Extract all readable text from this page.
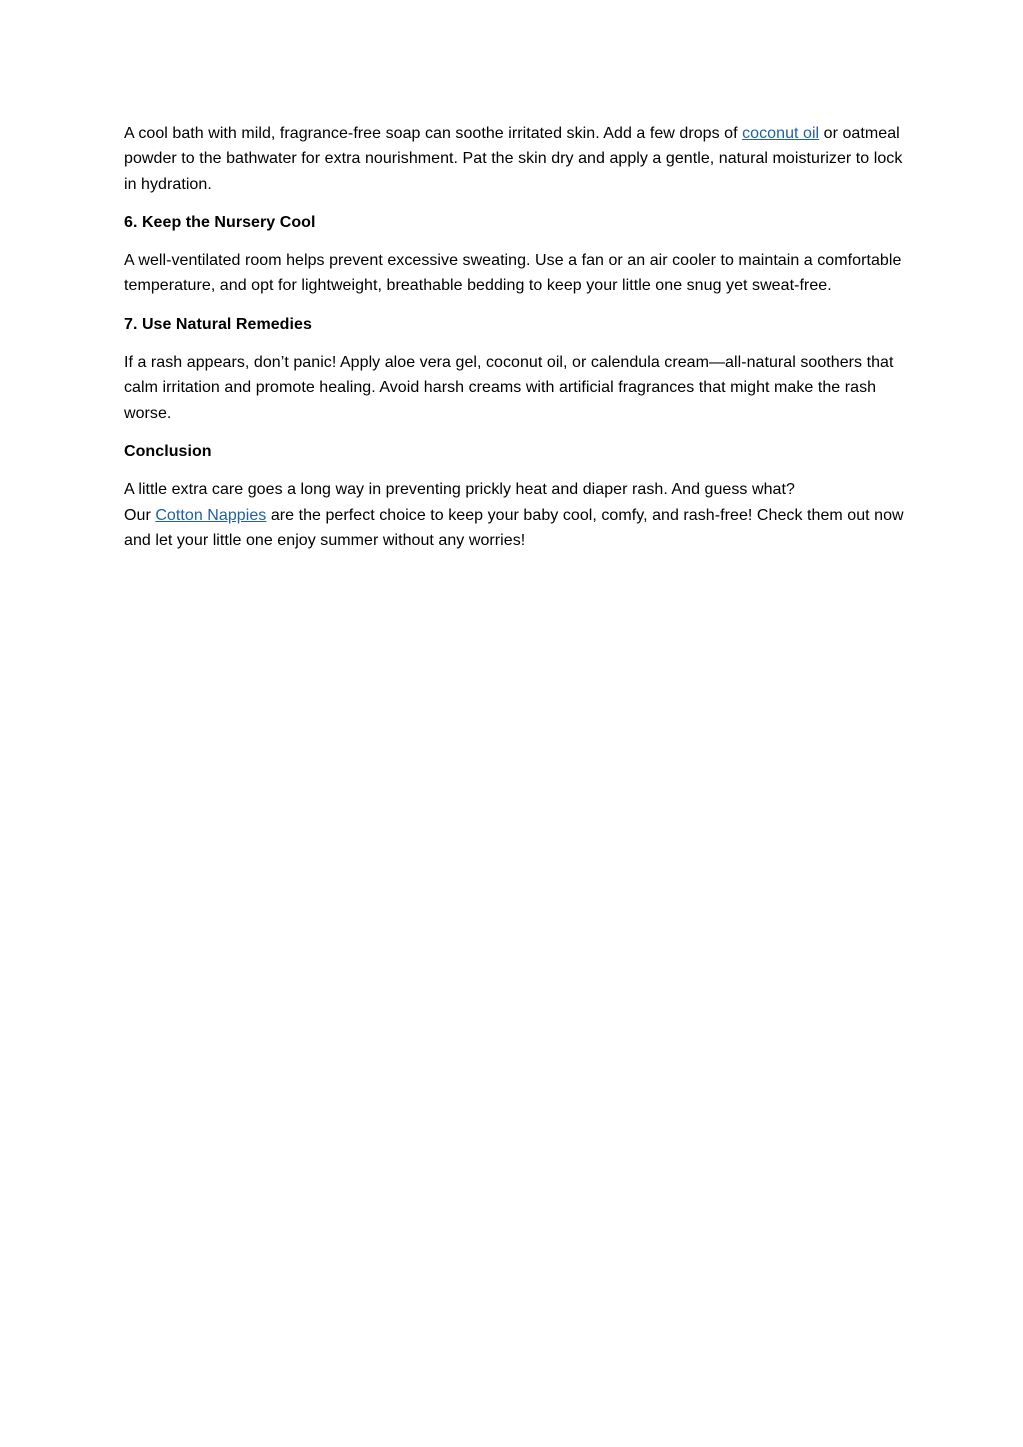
A cool bath with mild, fragrance-free soap can soothe irritated skin. Add a few drops of coconut oil or oatmeal powder to the bathwater for extra nourishment. Pat the skin dry and apply a gentle, natural moisturizer to lock in hydration.

6. Keep the Nursery Cool

A well-ventilated room helps prevent excessive sweating. Use a fan or an air cooler to maintain a comfortable temperature, and opt for lightweight, breathable bedding to keep your little one snug yet sweat-free.

7. Use Natural Remedies

If a rash appears, don’t panic! Apply aloe vera gel, coconut oil, or calendula cream—all-natural soothers that calm irritation and promote healing. Avoid harsh creams with artificial fragrances that might make the rash worse.

Conclusion

A little extra care goes a long way in preventing prickly heat and diaper rash. And guess what?
Our Cotton Nappies are the perfect choice to keep your baby cool, comfy, and rash-free! Check them out now and let your little one enjoy summer without any worries!
